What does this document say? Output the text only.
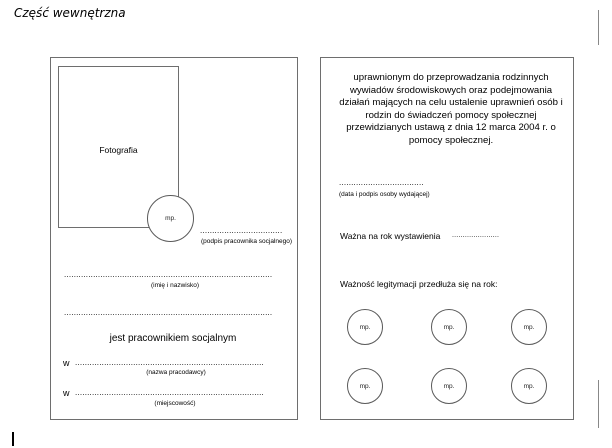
Część wewnętrzna
Fotografia
mp.
..................................
(podpis pracownika socjalnego)
......................................................................................
(imię i nazwisko)
......................................................................................
jest pracownikiem socjalnym
w ..............................................................................
(nazwa pracodawcy)
w ..............................................................................
(miejscowość)
uprawnionym do przeprowadzania rodzinnych wywiadów środowiskowych oraz podejmowania działań mających na celu ustalenie uprawnień osób i rodzin do świadczeń pomocy społecznej przewidzianych ustawą z dnia 12 marca 2004 r. o pomocy społecznej.
...................................
(data i podpis osoby wydającej)
Ważna na rok wystawienia ......................
Ważność legitymacji przedłuża się na rok:
mp.	mp.	mp.
mp.	mp.	mp.
